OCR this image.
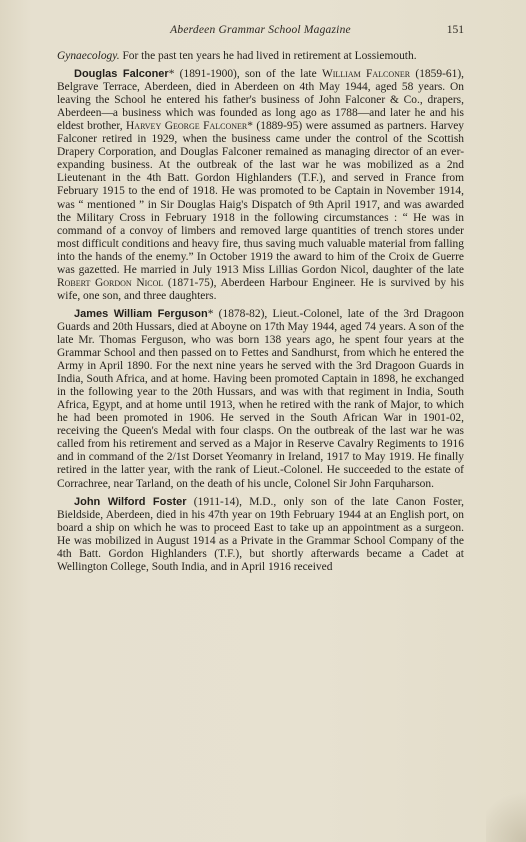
Aberdeen Grammar School Magazine	151

Gynaecology. For the past ten years he had lived in retirement at Lossiemouth.

Douglas Falconer* (1891-1900), son of the late William Falconer (1859-61), Belgrave Terrace, Aberdeen, died in Aberdeen on 4th May 1944, aged 58 years. On leaving the School he entered his father's business of John Falconer & Co., drapers, Aberdeen—a business which was founded as long ago as 1788—and later he and his eldest brother, Harvey George Falconer* (1889-95) were assumed as partners. Harvey Falconer retired in 1929, when the business came under the control of the Scottish Drapery Corporation, and Douglas Falconer remained as managing director of an ever-expanding business. At the outbreak of the last war he was mobilized as a 2nd Lieutenant in the 4th Batt. Gordon Highlanders (T.F.), and served in France from February 1915 to the end of 1918. He was promoted to be Captain in November 1914, was “ mentioned ” in Sir Douglas Haig's Dispatch of 9th April 1917, and was awarded the Military Cross in February 1918 in the following circumstances : “ He was in command of a convoy of limbers and removed large quantities of trench stores under most difficult conditions and heavy fire, thus saving much valuable material from falling into the hands of the enemy.” In October 1919 the award to him of the Croix de Guerre was gazetted. He married in July 1913 Miss Lillias Gordon Nicol, daughter of the late Robert Gordon Nicol (1871-75), Aberdeen Harbour Engineer. He is survived by his wife, one son, and three daughters.

James William Ferguson* (1878-82), Lieut.-Colonel, late of the 3rd Dragoon Guards and 20th Hussars, died at Aboyne on 17th May 1944, aged 74 years. A son of the late Mr. Thomas Ferguson, who was born 138 years ago, he spent four years at the Grammar School and then passed on to Fettes and Sandhurst, from which he entered the Army in April 1890. For the next nine years he served with the 3rd Dragoon Guards in India, South Africa, and at home. Having been promoted Captain in 1898, he exchanged in the following year to the 20th Hussars, and was with that regiment in India, South Africa, Egypt, and at home until 1913, when he retired with the rank of Major, to which he had been promoted in 1906. He served in the South African War in 1901-02, receiving the Queen's Medal with four clasps. On the outbreak of the last war he was called from his retirement and served as a Major in Reserve Cavalry Regiments to 1916 and in command of the 2/1st Dorset Yeomanry in Ireland, 1917 to May 1919. He finally retired in the latter year, with the rank of Lieut.-Colonel. He succeeded to the estate of Corrachree, near Tarland, on the death of his uncle, Colonel Sir John Farquharson.

John Wilford Foster (1911-14), M.D., only son of the late Canon Foster, Bieldside, Aberdeen, died in his 47th year on 19th February 1944 at an English port, on board a ship on which he was to proceed East to take up an appointment as a surgeon. He was mobilized in August 1914 as a Private in the Grammar School Company of the 4th Batt. Gordon Highlanders (T.F.), but shortly afterwards became a Cadet at Wellington College, South India, and in April 1916 received
